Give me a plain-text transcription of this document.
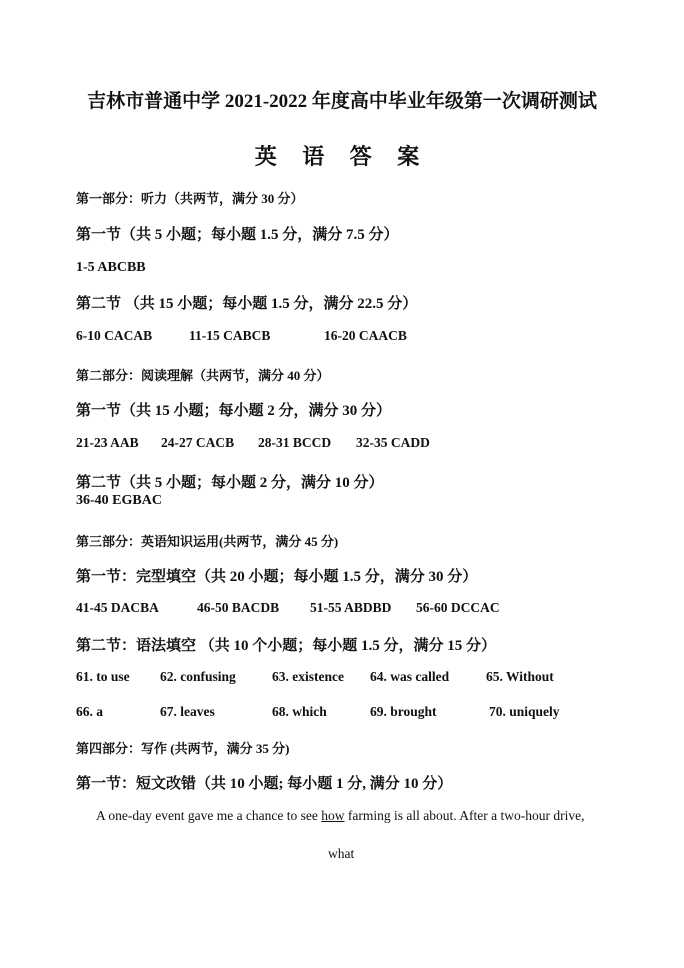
吉林市普通中学 2021-2022 年度高中毕业年级第一次调研测试
英 语 答 案
第一部分：听力（共两节，满分 30 分）
第一节（共 5 小题；每小题 1.5 分，满分 7.5 分）
1-5 ABCBB
第二节 （共 15 小题；每小题 1.5 分，满分 22.5 分）
6-10 CACAB	11-15 CABCB	16-20 CAACB
第二部分：阅读理解（共两节，满分 40 分）
第一节（共 15 小题；每小题 2 分，满分 30 分）
21-23 AAB 24-27 CACB 28-31 BCCD 32-35 CADD
第二节（共 5 小题；每小题 2 分，满分 10 分）
36-40 EGBAC
第三部分：英语知识运用(共两节，满分 45 分)
第一节：完型填空（共 20 小题；每小题 1.5 分，满分 30 分）
41-45 DACBA	46-50 BACDB 51-55 ABDBD 56-60 DCCAC
第二节：语法填空 （共 10 个小题；每小题 1.5 分，满分 15 分）
61. to use 62. confusing	63. existence 64. was called	65. Without
66. a	67. leaves	68. which	69. brought	70. uniquely
第四部分：写作 (共两节，满分 35 分)
第一节：短文改错（共 10 小题; 每小题 1 分, 满分 10 分）
A one-day event gave me a chance to see how farming is all about. After a two-hour drive,
what
